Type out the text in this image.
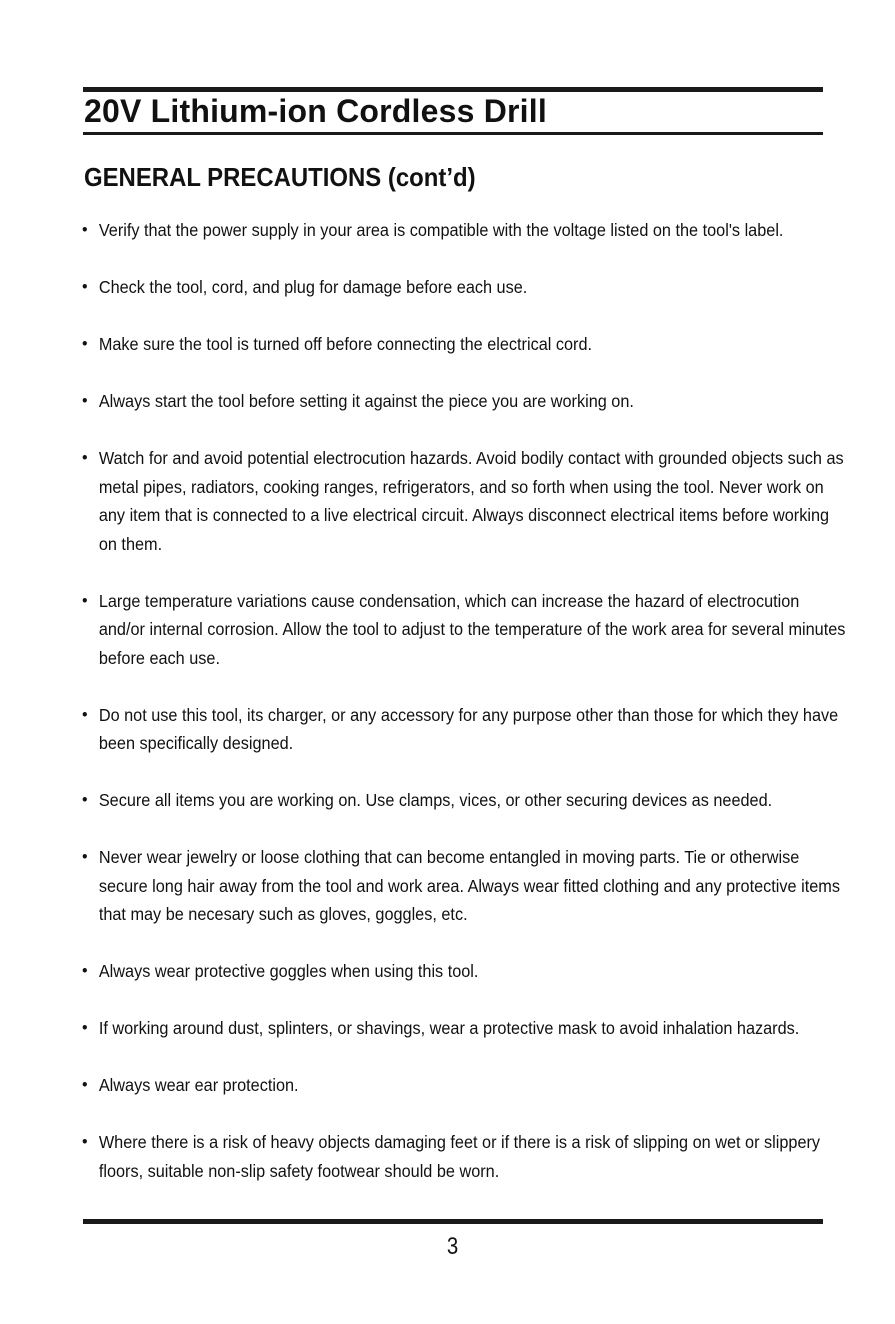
20V Lithium-ion Cordless Drill
GENERAL PRECAUTIONS (cont’d)
• Verify that the power supply in your area is compatible with the voltage listed on the tool's label.
• Check the tool, cord, and plug for damage before each use.
• Make sure the tool is turned off before connecting the electrical cord.
• Always start the tool before setting it against the piece you are working on.
• Watch for and avoid potential electrocution hazards. Avoid bodily contact with grounded objects such as metal pipes, radiators, cooking ranges, refrigerators, and so forth when using the tool. Never work on any item that is connected to a live electrical circuit. Always disconnect electrical items before working on them.
• Large temperature variations cause condensation, which can increase the hazard of electrocution and/or internal corrosion. Allow the tool to adjust to the temperature of the work area for several minutes before each use.
• Do not use this tool, its charger, or any accessory for any purpose other than those for which they have been specifically designed.
• Secure all items you are working on. Use clamps, vices, or other securing devices as needed.
• Never wear jewelry or loose clothing that can become entangled in moving parts. Tie or otherwise secure long hair away from the tool and work area. Always wear fitted clothing and any protective items that may be necesary such as gloves, goggles, etc.
• Always wear protective goggles when using this tool.
• If working around dust, splinters, or shavings, wear a protective mask to avoid inhalation hazards.
• Always wear ear protection.
• Where there is a risk of heavy objects damaging feet or if there is a risk of slipping on wet or slippery floors, suitable non-slip safety footwear should be worn.
3
